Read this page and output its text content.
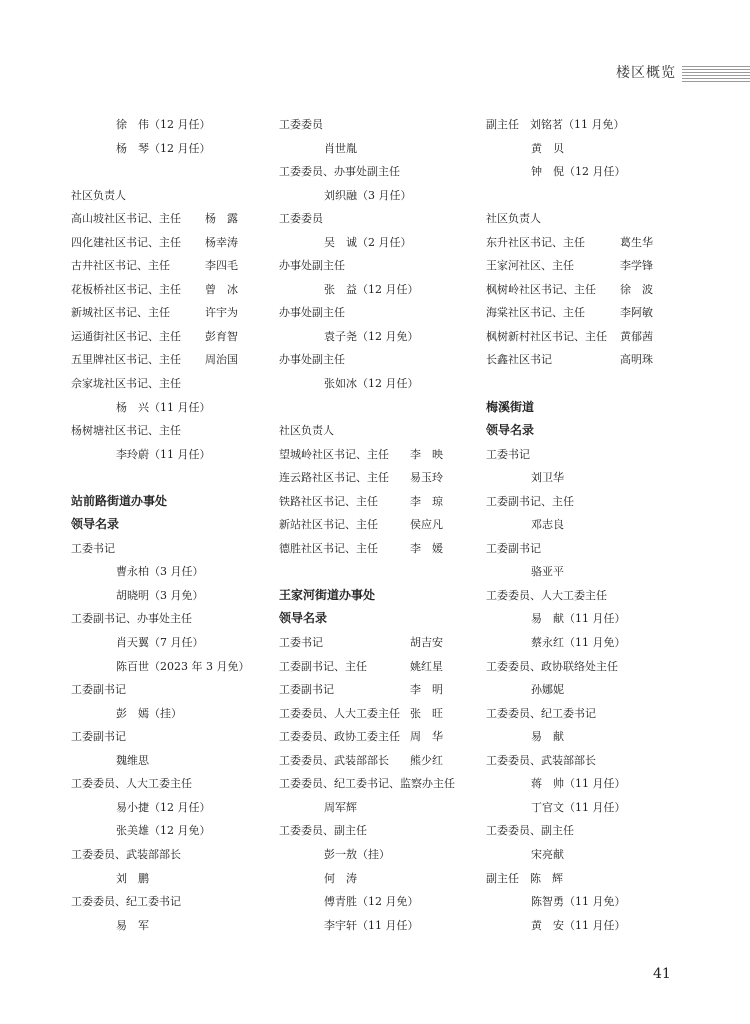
楼区概览
徐　伟（12 月任）
杨　琴（12 月任）
社区负责人
高山坡社区书记、主任 杨　露
四化建社区书记、主任 杨幸涛
古井社区书记、主任	李四毛
花板桥社区书记、主任 曾　冰
新城社区书记、主任	许宇为
运通街社区书记、主任 彭育智
五里牌社区书记、主任 周治国
佘家垅社区书记、主任
杨　兴（11 月任）
杨树塘社区书记、主任
李玲蔚（11 月任）
站前路街道办事处
领导名录
工委书记
曹永柏（3 月任）
胡晓明（3 月免）
工委副书记、办事处主任
肖天翼（7 月任）
陈百世（2023 年 3 月免）
工委副书记
彭　嫣（挂）
工委副书记
魏维思
工委委员、人大工委主任
易小捷（12 月任）
张美雄（12 月免）
工委委员、武装部部长
刘　鹏
工委委员、纪工委书记
易　军
工委委员
肖世胤
工委委员、办事处副主任
刘织融（3 月任）
工委委员
吴　诚（2 月任）
办事处副主任
张　益（12 月任）
办事处副主任
袁子尧（12 月免）
办事处副主任
张如冰（12 月任）
社区负责人
望城岭社区书记、主任 李　映
连云路社区书记、主任 易玉玲
铁路社区书记、主任	李　琼
新站社区书记、主任	侯应凡
德胜社区书记、主任	李　媛
王家河街道办事处
领导名录
工委书记	胡吉安
工委副书记、主任	姚红星
工委副书记	李　明
工委委员、人大工委主任 张　旺
工委委员、政协工委主任 周　华
工委委员、武装部部长 熊少红
工委委员、纪工委书记、监察办主任
周军辉
工委委员、副主任
彭一敖（挂）
何　涛
傅青胜（12 月免）
李宇轩（11 月任）
副主任　刘铭茗（11 月免）
黄　贝
钟　倪（12 月任）
社区负责人
东升社区书记、主任	葛生华
王家河社区、主任	李学锋
枫树岭社区书记、主任 徐　波
海棠社区书记、主任	李阿敏
枫树新村社区书记、主任 黄郁茜
长鑫社区书记	高明珠
梅溪街道
领导名录
工委书记
刘卫华
工委副书记、主任
邓志良
工委副书记
骆亚平
工委委员、人大工委主任
易　献（11 月任）
蔡永红（11 月免）
工委委员、政协联络处主任
孙娜妮
工委委员、纪工委书记
易　献
工委委员、武装部部长
蒋　帅（11 月任）
丁官文（11 月任）
工委委员、副主任
宋亮献
副主任　陈　辉
陈智勇（11 月免）
黄　安（11 月任）
41
